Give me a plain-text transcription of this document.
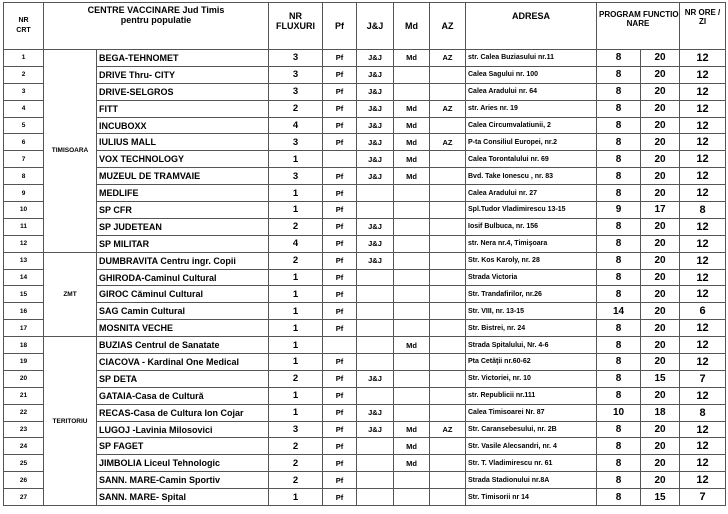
NR
CRT	CENTRE VACCINARE Jud Timis
pentru populatie		NR
FLUXURI	Pf	J&J	Md	AZ	ADRESA	PROGRAM FUNCTIO
NARE		NR ORE /
ZI

1	TIMISOARA	BEGA-TEHNOMET	3	Pf	J&J	Md	AZ	str. Calea Buziasului nr.11	8	20	12
2		DRIVE Thru- CITY	3	Pf	J&J			Calea Sagului nr. 100	8	20	12
3		DRIVE-SELGROS	3	Pf	J&J			Calea Aradului nr. 64	8	20	12
4		FITT	2	Pf	J&J	Md	AZ	str. Aries nr. 19	8	20	12
5		INCUBOXX	4	Pf	J&J	Md		Calea Circumvalatiunii, 2	8	20	12
6		IULIUS MALL	3	Pf	J&J	Md	AZ	P-ta Consiliul Europei, nr.2	8	20	12
7		VOX TECHNOLOGY	1		J&J	Md		Calea Torontalului nr. 69	8	20	12
8		MUZEUL DE TRAMVAIE	3	Pf	J&J	Md		Bvd. Take Ionescu , nr. 83	8	20	12
9		MEDLIFE	1	Pf				Calea Aradului nr. 27	8	20	12
10		SP CFR	1	Pf				Spl.Tudor Vladimirescu 13-15	9	17	8
11		SP JUDETEAN	2	Pf	J&J			Iosif Bulbuca, nr. 156	8	20	12
12		SP MILITAR	4	Pf	J&J			str. Nera nr.4, Timişoara	8	20	12
13	ZMT	DUMBRAVITA Centru ingr. Copii	2	Pf	J&J			Str. Kos Karoly, nr. 28	8	20	12
14		GHIRODA-Caminul Cultural	1	Pf				Strada Victoria	8	20	12
15		GIROC Căminul Cultural	1	Pf				Str. Trandafirilor, nr.26	8	20	12
16		SAG Camin Cultural	1	Pf				Str. VIII, nr. 13-15	14	20	6
17		MOSNITA VECHE	1	Pf				Str. Bistrei, nr. 24	8	20	12
18	TERITORIU	BUZIAS Centrul de Sanatate	1			Md		Strada Spitalului, Nr. 4-6	8	20	12
19		CIACOVA - Kardinal One Medical	1	Pf				Pta Cetăţii nr.60-62	8	20	12
20		SP DETA	2	Pf	J&J			Str. Victoriei, nr. 10	8	15	7
21		GATAIA-Casa de Cultură	1	Pf				str. Republicii nr.111	8	20	12
22		RECAS-Casa de Cultura Ion Cojar	1	Pf	J&J			Calea Timisoarei Nr. 87	10	18	8
23		LUGOJ -Lavinia Milosovici	3	Pf	J&J	Md	AZ	Str. Caransebesului, nr. 2B	8	20	12
24		SP FAGET	2	Pf		Md		Str. Vasile Alecsandri, nr. 4	8	20	12
25		JIMBOLIA Liceul Tehnologic	2	Pf		Md		Str. T. Vladimirescu nr. 61	8	20	12
26		SANN. MARE-Camin Sportiv	2	Pf				Strada Stadionului nr.8A	8	20	12
27		SANN. MARE- Spital	1	Pf				Str. Timisorii nr 14	8	15	7
